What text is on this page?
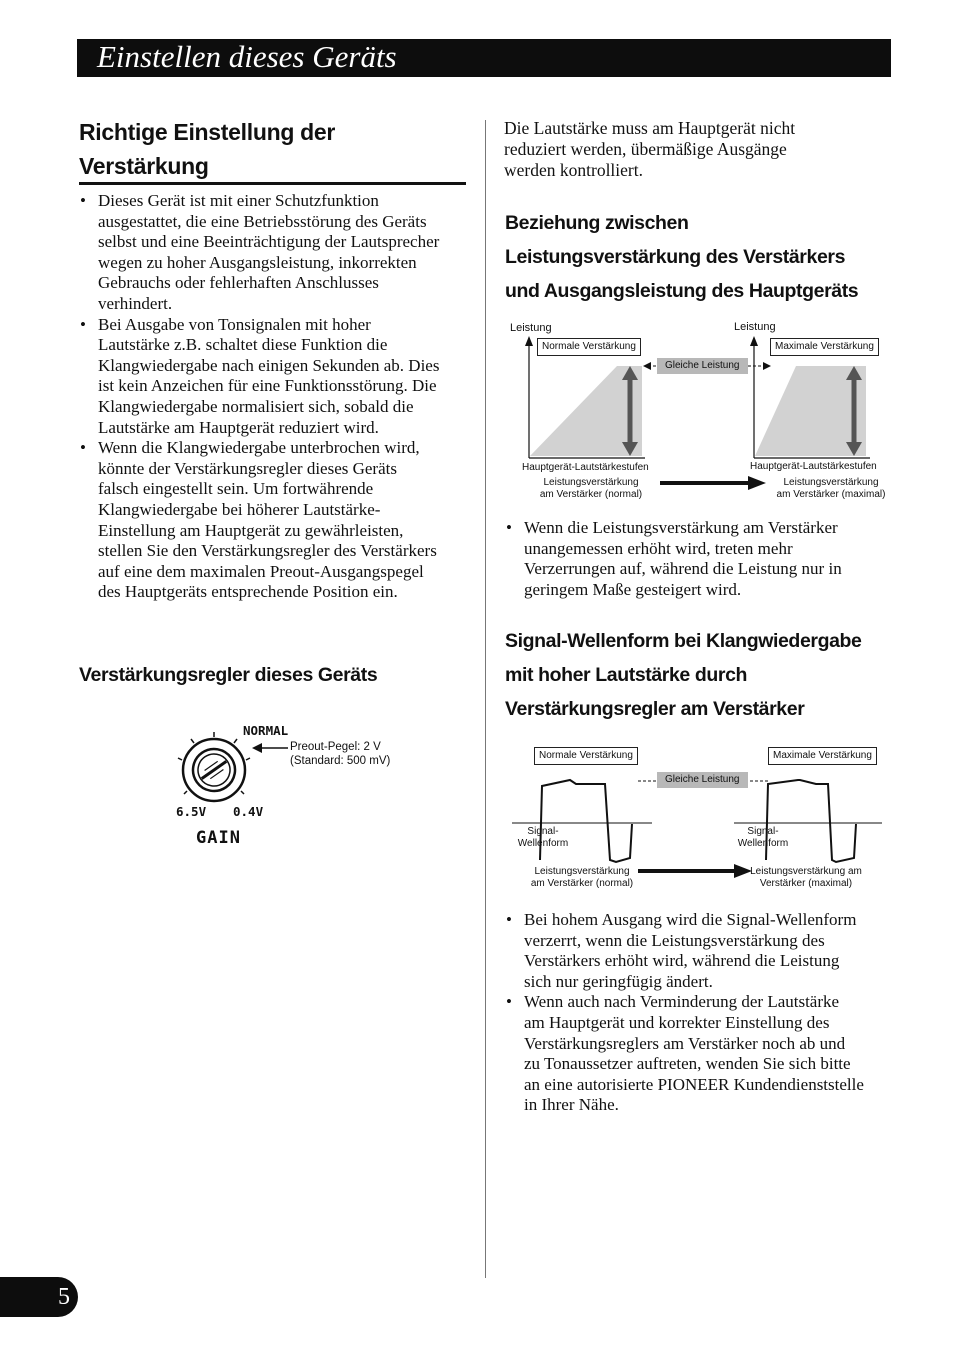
Einstellen dieses Geräts
Richtige Einstellung der
Verstärkung
• Dieses Gerät ist mit einer Schutzfunktion
ausgestattet, die eine Betriebsstörung des Geräts
selbst und eine Beeinträchtigung der Lautsprecher
wegen zu hoher Ausgangsleistung, inkorrekten
Gebrauchs oder fehlerhaften Anschlusses
verhindert.
• Bei Ausgabe von Tonsignalen mit hoher
Lautstärke z.B. schaltet diese Funktion die
Klangwiedergabe nach einigen Sekunden ab. Dies
ist kein Anzeichen für eine Funktionsstörung. Die
Klangwiedergabe normalisiert sich, sobald die
Lautstärke am Hauptgerät reduziert wird.
• Wenn die Klangwiedergabe unterbrochen wird,
könnte der Verstärkungsregler dieses Geräts
falsch eingestellt sein. Um fortwährende
Klangwiedergabe bei höherer Lautstärke-
Einstellung am Hauptgerät zu gewährleisten,
stellen Sie den Verstärkungsregler des Verstärkers
auf eine dem maximalen Preout-Ausgangspegel
des Hauptgeräts entsprechende Position ein.
Verstärkungsregler dieses Geräts
NORMAL
6.5V 0.4V
GAIN
Preout-Pegel: 2 V
(Standard: 500 mV)
Die Lautstärke muss am Hauptgerät nicht
reduziert werden, übermäßige Ausgänge
werden kontrolliert.
Beziehung zwischen
Leistungsverstärkung des Verstärkers
und Ausgangsleistung des Hauptgeräts
Leistung	Leistung
Normale Verstärkung	Maximale Verstärkung
Gleiche Leistung
Hauptgerät-Lautstärkestufen	Hauptgerät-Lautstärkestufen
Leistungsverstärkung
am Verstärker (normal)
Leistungsverstärkung
am Verstärker (maximal)
• Wenn die Leistungsverstärkung am Verstärker
unangemessen erhöht wird, treten mehr
Verzerrungen auf, während die Leistung nur in
geringem Maße gesteigert wird.
Signal-Wellenform bei Klangwiedergabe
mit hoher Lautstärke durch
Verstärkungsregler am Verstärker
Normale Verstärkung	Maximale Verstärkung
Gleiche Leistung
Signal-
Wellenform
Signal-
Wellenform
Leistungsverstärkung
am Verstärker (normal)
Leistungsverstärkung am
Verstärker (maximal)
• Bei hohem Ausgang wird die Signal-Wellenform
verzerrt, wenn die Leistungsverstärkung des
Verstärkers erhöht wird, während die Leistung
sich nur geringfügig ändert.
• Wenn auch nach Verminderung der Lautstärke
am Hauptgerät und korrekter Einstellung des
Verstärkungsreglers am Verstärker noch ab und
zu Tonaussetzer auftreten, wenden Sie sich bitte
an eine autorisierte PIONEER Kundendienststelle
in Ihrer Nähe.
5
